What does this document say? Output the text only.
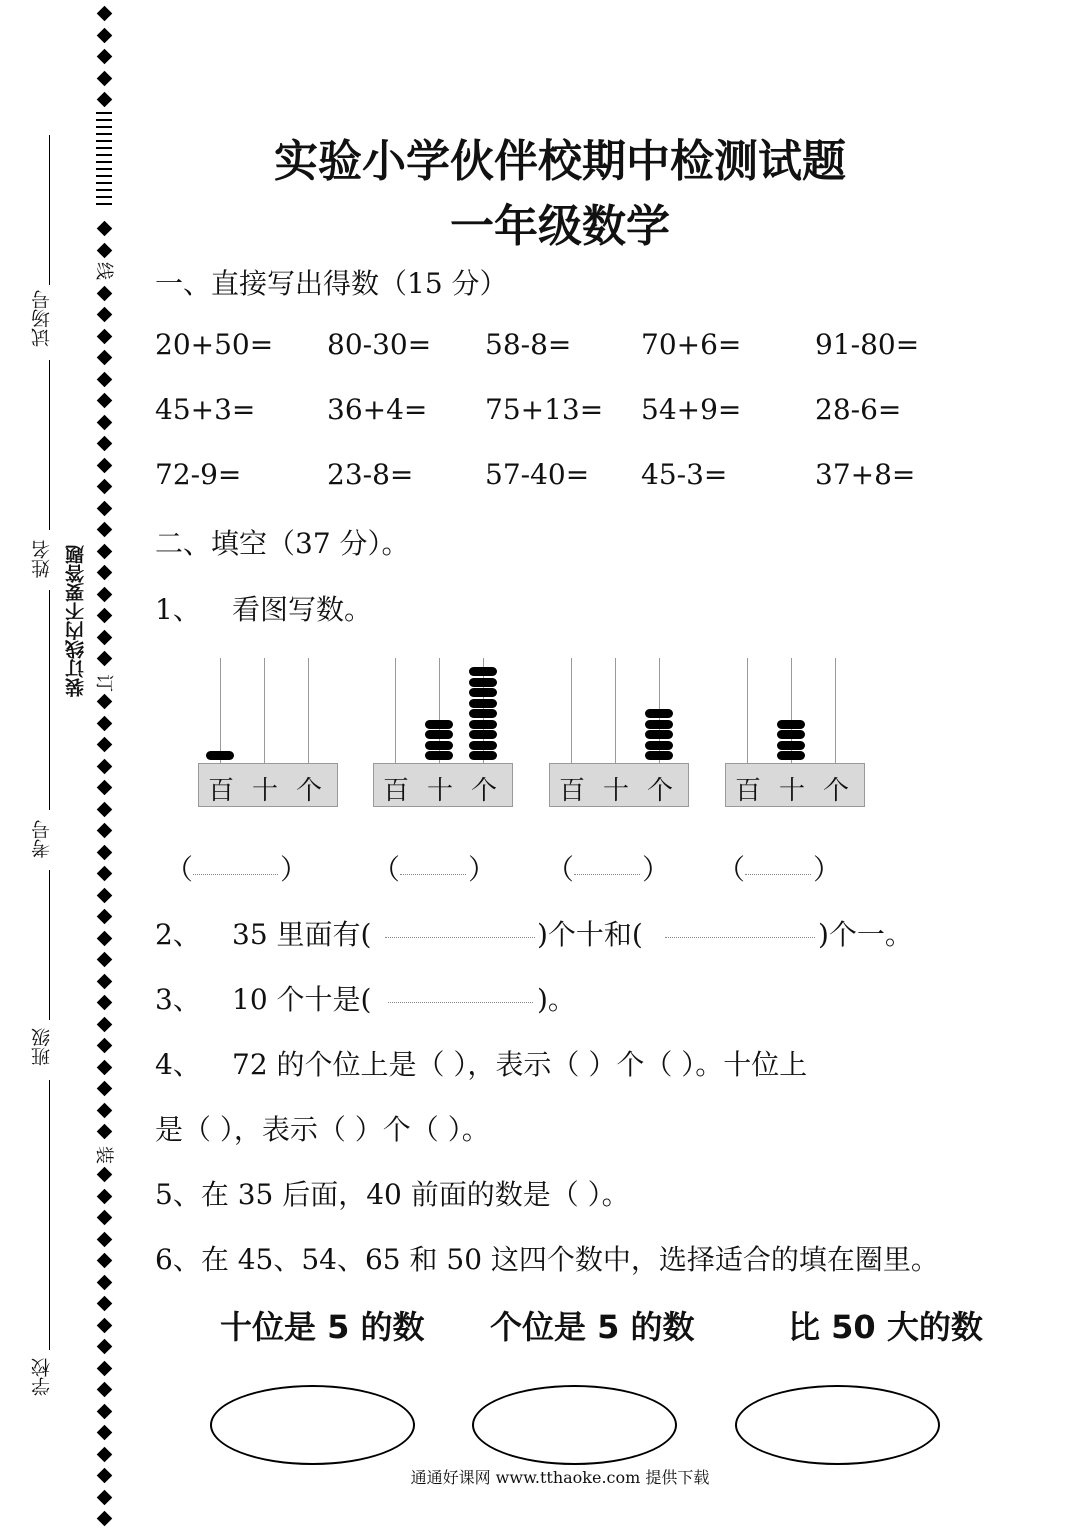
试场号
姓名
考号
班级
学校
装订线内不要答题
线
订
装
实验小学伙伴校期中检测试题
一年级数学
一、直接写出得数（15 分）
20+50= 80-30= 58-8= 70+6=	91-80=
45+3=	36+4= 75+13= 54+9=	28-6=
72-9=	23-8=	57-40= 45-3=	37+8=
二、填空（37 分）。
1、 看图写数。
百 十 个 百 十 个 百 十 个 百 十 个
（	） （ ） （ ） （ ）
2、 35 里面有(	)个十和(	)个一。
3、 10 个十是(	)。
4、 72 的个位上是（ ），表示（ ）个（ ）。十位上
是（ ），表示（ ）个（ ）。
5、在 35 后面，40 前面的数是（ ）。
6、在 45、54、65 和 50 这四个数中，选择适合的填在圈里。
十位是 5 的数 个位是 5 的数	比 50 大的数
通通好课网 www.tthaoke.com 提供下载
